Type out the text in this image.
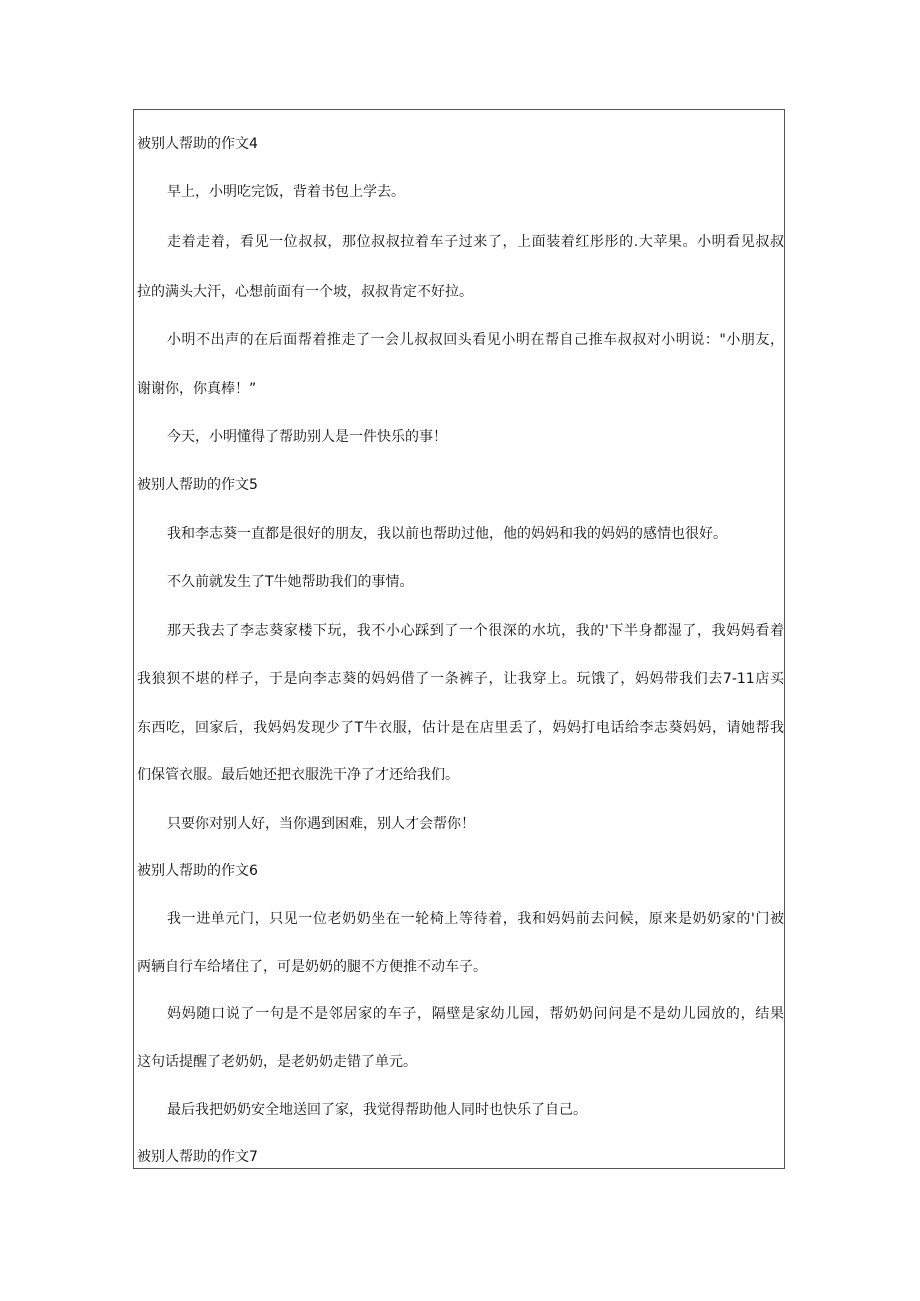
被别人帮助的作文4
早上，小明吃完饭，背着书包上学去。
走着走着，看见一位叔叔，那位叔叔拉着车子过来了，上面装着红彤彤的.大苹果。小明看见叔叔
拉的满头大汗，心想前面有一个坡，叔叔肯定不好拉。
小明不出声的在后面帮着推走了一会儿叔叔回头看见小明在帮自己推车叔叔对小明说："小朋友，
谢谢你，你真棒！”
今天，小明懂得了帮助别人是一件快乐的事！
被别人帮助的作文5
我和李志葵一直都是很好的朋友，我以前也帮助过他，他的妈妈和我的妈妈的感情也很好。
不久前就发生了T牛她帮助我们的事情。
那天我去了李志葵家楼下玩，我不小心踩到了一个很深的水坑，我的'下半身都湿了，我妈妈看着
我狼狈不堪的样子，于是向李志葵的妈妈借了一条裤子，让我穿上。玩饿了，妈妈带我们去7-11店买
东西吃，回家后，我妈妈发现少了T牛衣服，估计是在店里丢了，妈妈打电话给李志葵妈妈，请她帮我
们保管衣服。最后她还把衣服洗干净了才还给我们。
只要你对别人好，当你遇到困难，别人才会帮你！
被别人帮助的作文6
我一进单元门，只见一位老奶奶坐在一轮椅上等待着，我和妈妈前去问候，原来是奶奶家的'门被
两辆自行车给堵住了，可是奶奶的腿不方便推不动车子。
妈妈随口说了一句是不是邻居家的车子，隔壁是家幼儿园，帮奶奶问问是不是幼儿园放的，结果
这句话提醒了老奶奶，是老奶奶走错了单元。
最后我把奶奶安全地送回了家，我觉得帮助他人同时也快乐了自己。
被别人帮助的作文7
